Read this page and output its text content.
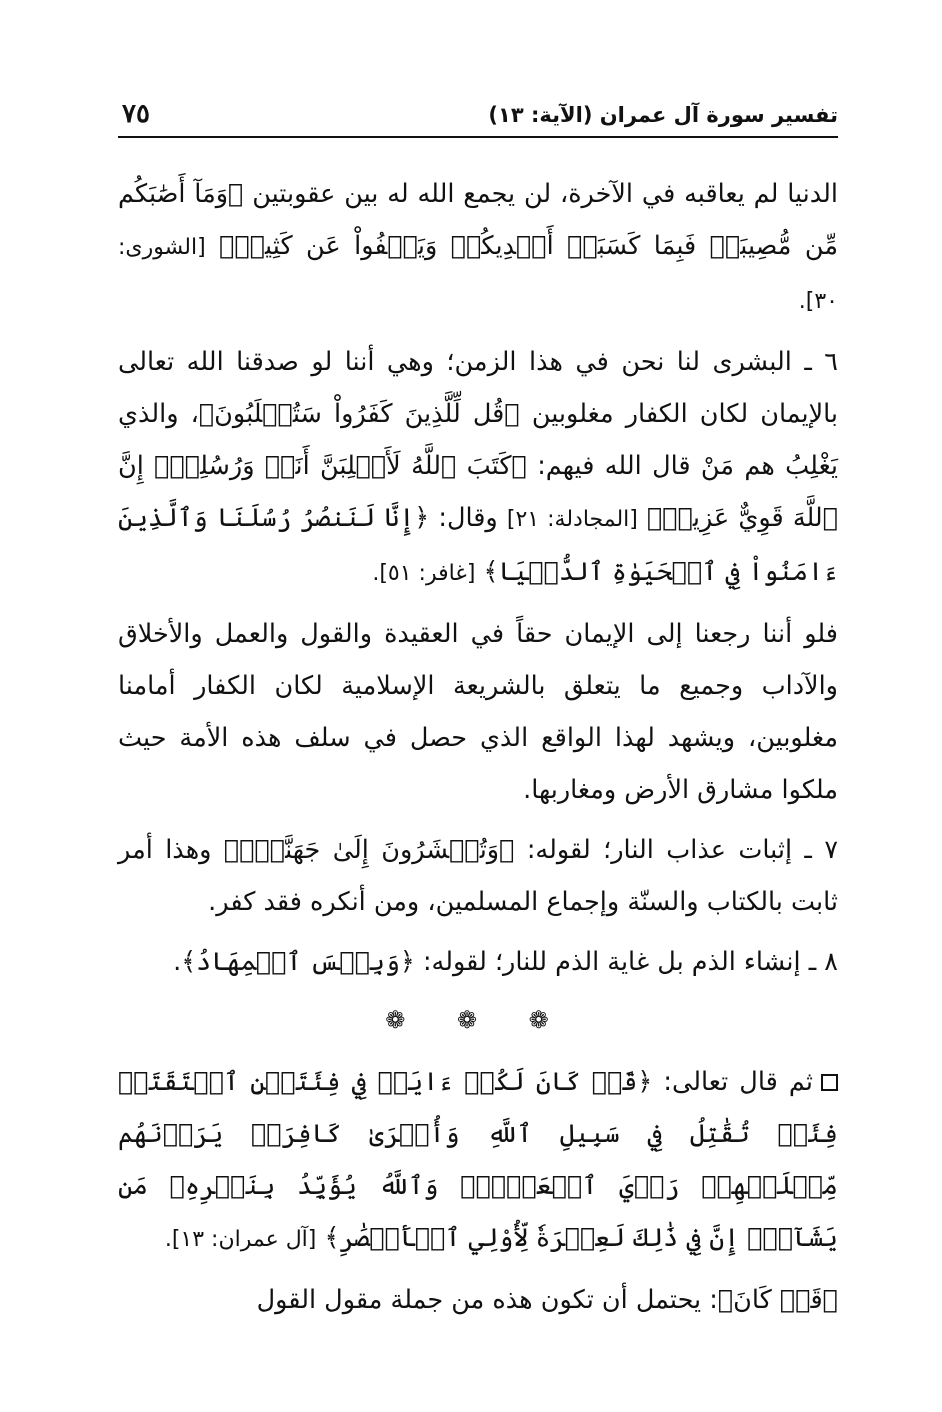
تفسير سورة آل عمران (الآية: ١٣)
٧٥

الدنيا لم يعاقبه في الآخرة، لن يجمع الله له بين عقوبتين ﴿وَمَآ أَصَٰبَكُم مِّن مُّصِيبَةٖ فَبِمَا كَسَبَتۡ أَيۡدِيكُمۡ وَيَعۡفُواْ عَن كَثِيرٖ﴾ [الشورى: ٣٠].

٦ ـ البشرى لنا نحن في هذا الزمن؛ وهي أننا لو صدقنا الله تعالى بالإيمان لكان الكفار مغلوبين ﴿قُل لِّلَّذِينَ كَفَرُواْ سَتُغۡلَبُونَ﴾، والذي يَغْلِبُ هم مَنْ قال الله فيهم: ﴿كَتَبَ ٱللَّهُ لَأَغۡلِبَنَّ أَنَا۠ وَرُسُلِيٓۚ إِنَّ ٱللَّهَ قَوِيٌّ عَزِيزٞ﴾ [المجادلة: ٢١] وقال: ﴿إِنَّا لَنَنصُرُ رُسُلَنَا وَٱلَّذِينَ ءَامَنُواْ فِي ٱلۡحَيَوٰةِ ٱلدُّنۡيَا﴾ [غافر: ٥١].

فلو أننا رجعنا إلى الإيمان حقاً في العقيدة والقول والعمل والأخلاق والآداب وجميع ما يتعلق بالشريعة الإسلامية لكان الكفار أمامنا مغلوبين، ويشهد لهذا الواقع الذي حصل في سلف هذه الأمة حيث ملكوا مشارق الأرض ومغاربها.

٧ ـ إثبات عذاب النار؛ لقوله: ﴿وَتُحۡشَرُونَ إِلَىٰ جَهَنَّمَۖ﴾ وهذا أمر ثابت بالكتاب والسنّة وإجماع المسلمين، ومن أنكره فقد كفر.

٨ ـ إنشاء الذم بل غاية الذم للنار؛ لقوله: ﴿وَبِئۡسَ ٱلۡمِهَادُ﴾.

❁ ❁ ❁

ثم قال تعالى: ﴿قَدۡ كَانَ لَكُمۡ ءَايَةٞ فِي فِئَتَيۡنِ ٱلۡتَقَتَاۖ فِئَةٞ تُقَٰتِلُ فِي سَبِيلِ ٱللَّهِ وَأُخۡرَىٰ كَافِرَةٞ يَرَوۡنَهُم مِّثۡلَيۡهِمۡ رَأۡيَ ٱلۡعَيۡنِۚ وَٱللَّهُ يُؤَيِّدُ بِنَصۡرِهِۦ مَن يَشَآءُۚ إِنَّ فِي ذَٰلِكَ لَعِبۡرَةٗ لِّأُوْلِي ٱلۡأَبۡصَٰرِ﴾ [آل عمران: ١٣].

﴿قَدۡ كَانَ﴾: يحتمل أن تكون هذه من جملة مقول القول
